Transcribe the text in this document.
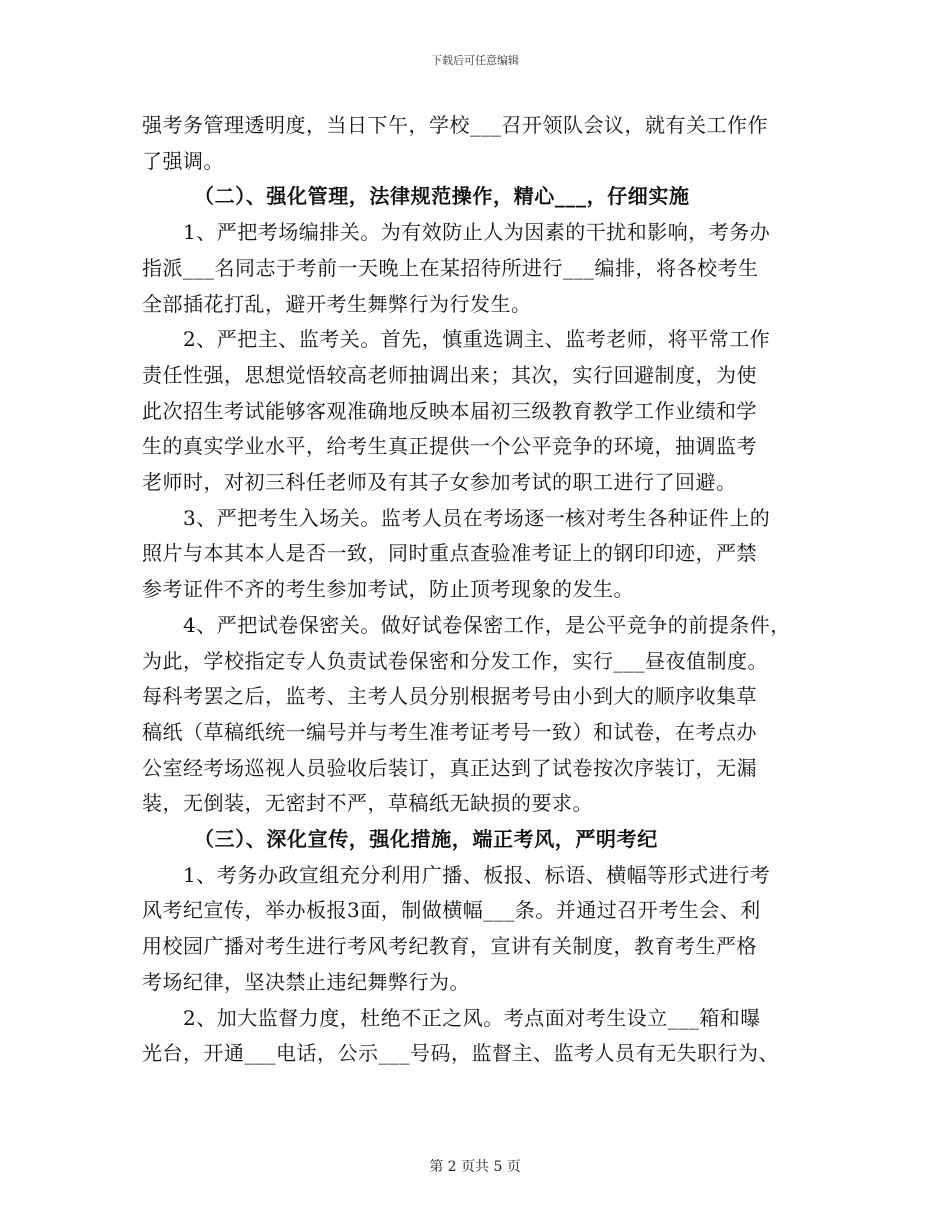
下载后可任意编辑
强考务管理透明度，当日下午，学校___召开领队会议，就有关工作作
了强调。
（二）、强化管理，法律规范操作，精心___，仔细实施
1、严把考场编排关。为有效防止人为因素的干扰和影响，考务办
指派___名同志于考前一天晚上在某招待所进行___编排，将各校考生
全部插花打乱，避开考生舞弊行为行发生。
2、严把主、监考关。首先，慎重选调主、监考老师，将平常工作
责任性强，思想觉悟较高老师抽调出来；其次，实行回避制度，为使
此次招生考试能够客观准确地反映本届初三级教育教学工作业绩和学
生的真实学业水平，给考生真正提供一个公平竞争的环境，抽调监考
老师时，对初三科任老师及有其子女参加考试的职工进行了回避。
3、严把考生入场关。监考人员在考场逐一核对考生各种证件上的
照片与本其本人是否一致，同时重点查验准考证上的钢印印迹，严禁
参考证件不齐的考生参加考试，防止顶考现象的发生。
4、严把试卷保密关。做好试卷保密工作，是公平竞争的前提条件，
为此，学校指定专人负责试卷保密和分发工作，实行___昼夜值制度。
每科考罢之后，监考、主考人员分别根据考号由小到大的顺序收集草
稿纸（草稿纸统一编号并与考生准考证考号一致）和试卷，在考点办
公室经考场巡视人员验收后装订，真正达到了试卷按次序装订，无漏
装，无倒装，无密封不严，草稿纸无缺损的要求。
（三）、深化宣传，强化措施，端正考风，严明考纪
1、考务办政宣组充分利用广播、板报、标语、横幅等形式进行考
风考纪宣传，举办板报3面，制做横幅___条。并通过召开考生会、利
用校园广播对考生进行考风考纪教育，宣讲有关制度，教育考生严格
考场纪律，坚决禁止违纪舞弊行为。
2、加大监督力度，杜绝不正之风。考点面对考生设立___箱和曝
光台，开通___电话，公示___号码，监督主、监考人员有无失职行为、
第 2 页共 5 页
